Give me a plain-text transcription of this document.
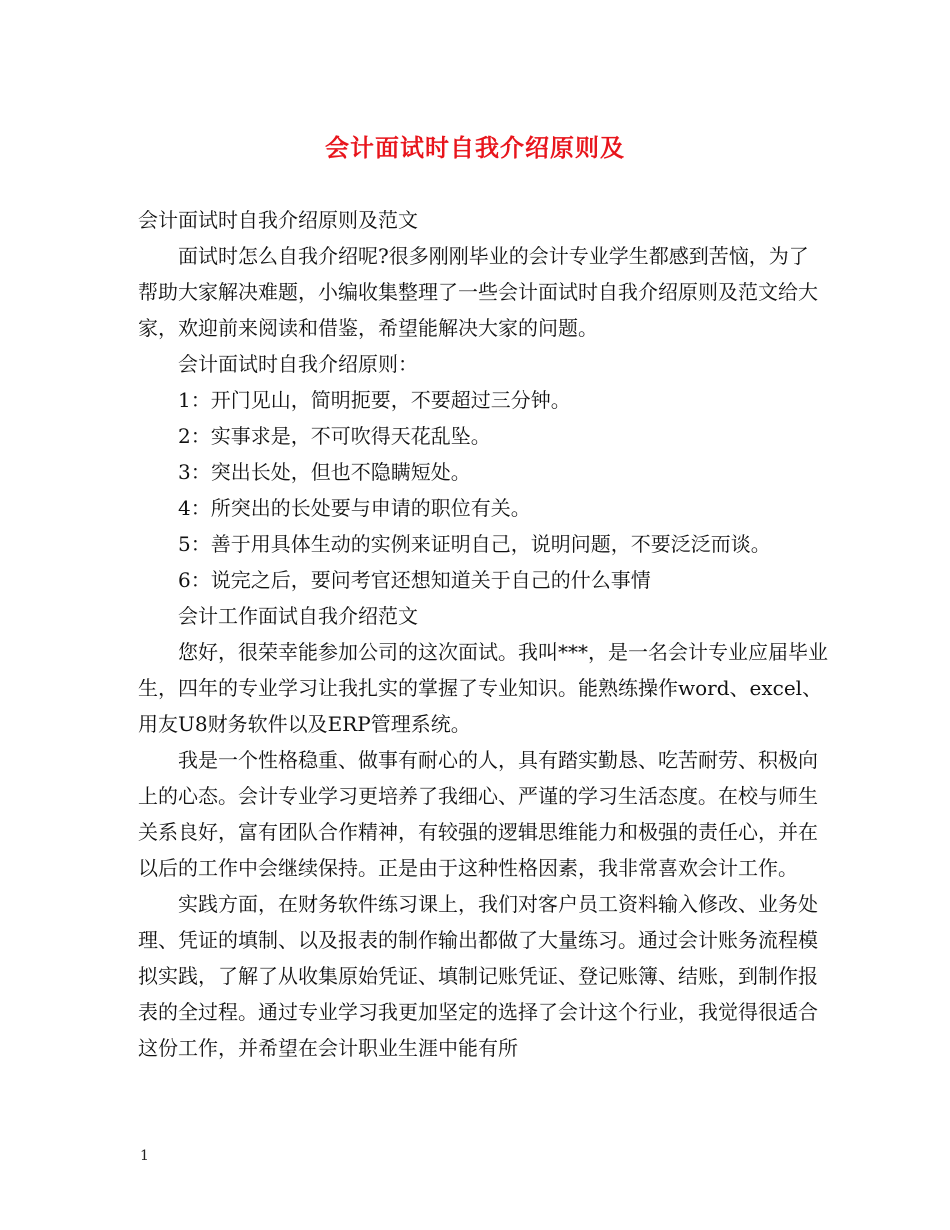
会计面试时自我介绍原则及

会计面试时自我介绍原则及范文

面试时怎么自我介绍呢?很多刚刚毕业的会计专业学生都感到苦恼，为了帮助大家解决难题，小编收集整理了一些会计面试时自我介绍原则及范文给大家，欢迎前来阅读和借鉴，希望能解决大家的问题。

会计面试时自我介绍原则：

1：开门见山，简明扼要，不要超过三分钟。

2：实事求是，不可吹得天花乱坠。

3：突出长处，但也不隐瞒短处。

4：所突出的长处要与申请的职位有关。

5：善于用具体生动的实例来证明自己，说明问题，不要泛泛而谈。

6：说完之后，要问考官还想知道关于自己的什么事情

会计工作面试自我介绍范文

您好，很荣幸能参加公司的这次面试。我叫***，是一名会计专业应届毕业生，四年的专业学习让我扎实的掌握了专业知识。能熟练操作word、excel、用友U8财务软件以及ERP管理系统。

我是一个性格稳重、做事有耐心的人，具有踏实勤恳、吃苦耐劳、积极向上的心态。会计专业学习更培养了我细心、严谨的学习生活态度。在校与师生关系良好，富有团队合作精神，有较强的逻辑思维能力和极强的责任心，并在以后的工作中会继续保持。正是由于这种性格因素，我非常喜欢会计工作。

实践方面，在财务软件练习课上，我们对客户员工资料输入修改、业务处理、凭证的填制、以及报表的制作输出都做了大量练习。通过会计账务流程模拟实践，了解了从收集原始凭证、填制记账凭证、登记账簿、结账，到制作报表的全过程。通过专业学习我更加坚定的选择了会计这个行业，我觉得很适合这份工作，并希望在会计职业生涯中能有所

1
